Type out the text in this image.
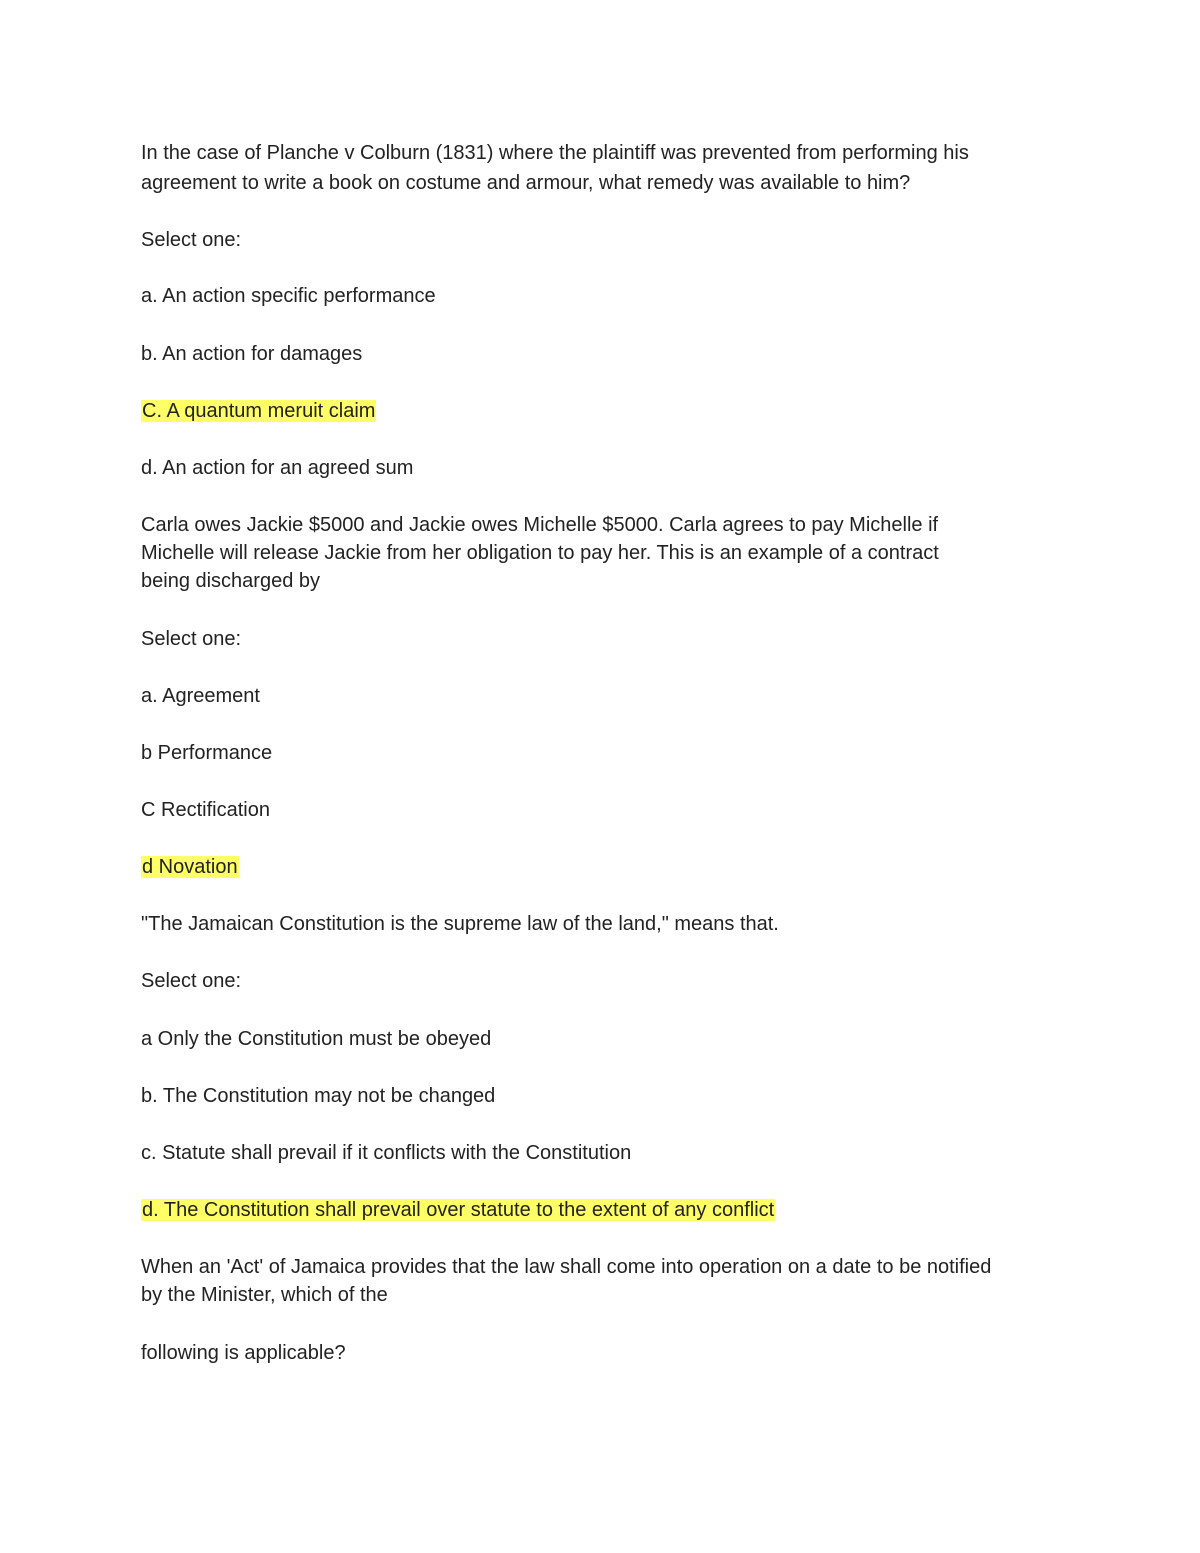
In the case of Planche v Colburn (1831) where the plaintiff was prevented from performing his

agreement to write a book on costume and armour, what remedy was available to him?

Select one:

a. An action specific performance

b. An action for damages

C. A quantum meruit claim

d. An action for an agreed sum

Carla owes Jackie $5000 and Jackie owes Michelle $5000. Carla agrees to pay Michelle if

Michelle will release Jackie from her obligation to pay her. This is an example of a contract

being discharged by

Select one:

a. Agreement

b Performance

C Rectification

d Novation

"The Jamaican Constitution is the supreme law of the land," means that.

Select one:

a Only the Constitution must be obeyed

b. The Constitution may not be changed

c. Statute shall prevail if it conflicts with the Constitution

d. The Constitution shall prevail over statute to the extent of any conflict

When an 'Act' of Jamaica provides that the law shall come into operation on a date to be notified

by the Minister, which of the

following is applicable?
